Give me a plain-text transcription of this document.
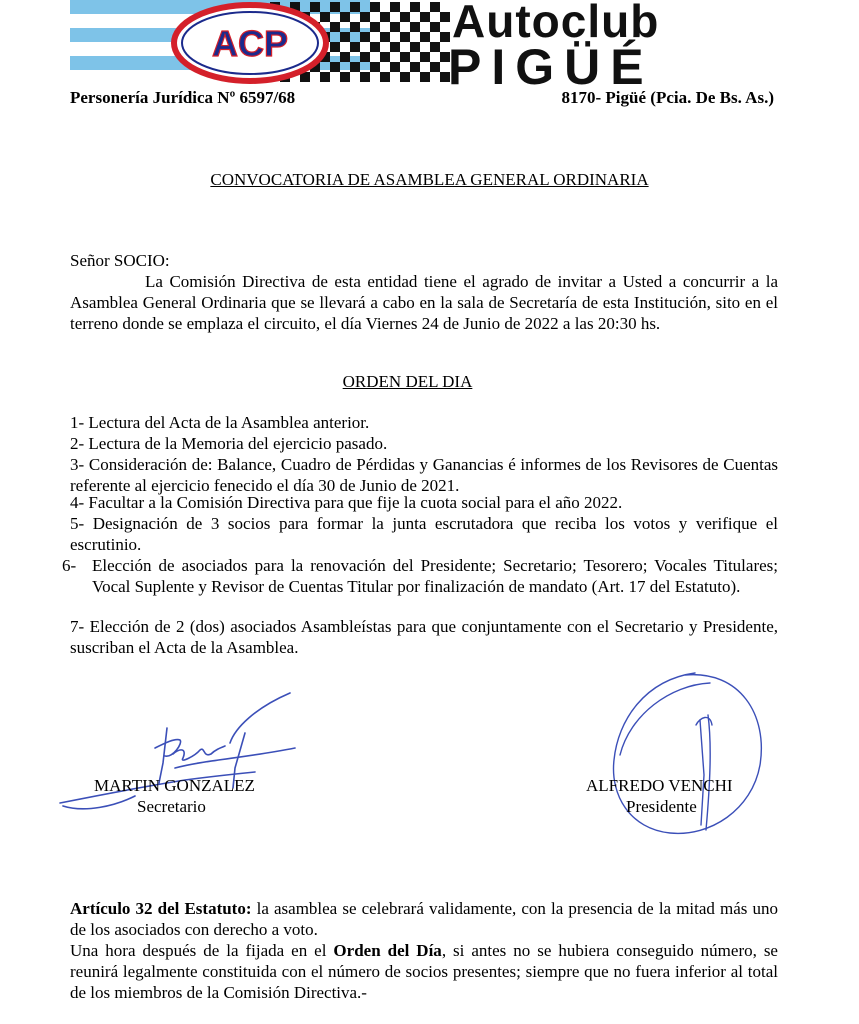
ACP	Autoclub
PIGÜÉ
Personería Jurídica Nº 6597/68	8170- Pigüé (Pcia. De Bs. As.)
CONVOCATORIA DE ASAMBLEA GENERAL ORDINARIA
Señor SOCIO:
La Comisión Directiva de esta entidad tiene el agrado de invitar a Usted a concurrir a la Asamblea General Ordinaria que se llevará a cabo en la sala de Secretaría de esta Institución, sito en el terreno donde se emplaza el circuito, el día Viernes 24 de Junio de 2022 a las 20:30 hs.
ORDEN DEL DIA
1- Lectura del Acta de la Asamblea anterior.
2- Lectura de la Memoria del ejercicio pasado.
3- Consideración de: Balance, Cuadro de Pérdidas y Ganancias é informes de los Revisores de Cuentas referente al ejercicio fenecido el día 30 de Junio de 2021.
4- Facultar a la Comisión Directiva para que fije la cuota social para el año 2022.
5- Designación de 3 socios para formar la junta escrutadora que reciba los votos y verifique el escrutinio.
6- Elección de asociados para la renovación del Presidente; Secretario; Tesorero; Vocales Titulares; Vocal Suplente y Revisor de Cuentas Titular por finalización de mandato (Art. 17 del Estatuto).
7- Elección de 2 (dos) asociados Asambleístas para que conjuntamente con el Secretario y Presidente, suscriban el Acta de la Asamblea.
MARTIN GONZALEZ
Secretario
ALFREDO VENCHI
Presidente
Artículo 32 del Estatuto: la asamblea se celebrará validamente, con la presencia de la mitad más uno de los asociados con derecho a voto.
Una hora después de la fijada en el Orden del Día, si antes no se hubiera conseguido número, se reunirá legalmente constituida con el número de socios presentes; siempre que no fuera inferior al total de los miembros de la Comisión Directiva.-
